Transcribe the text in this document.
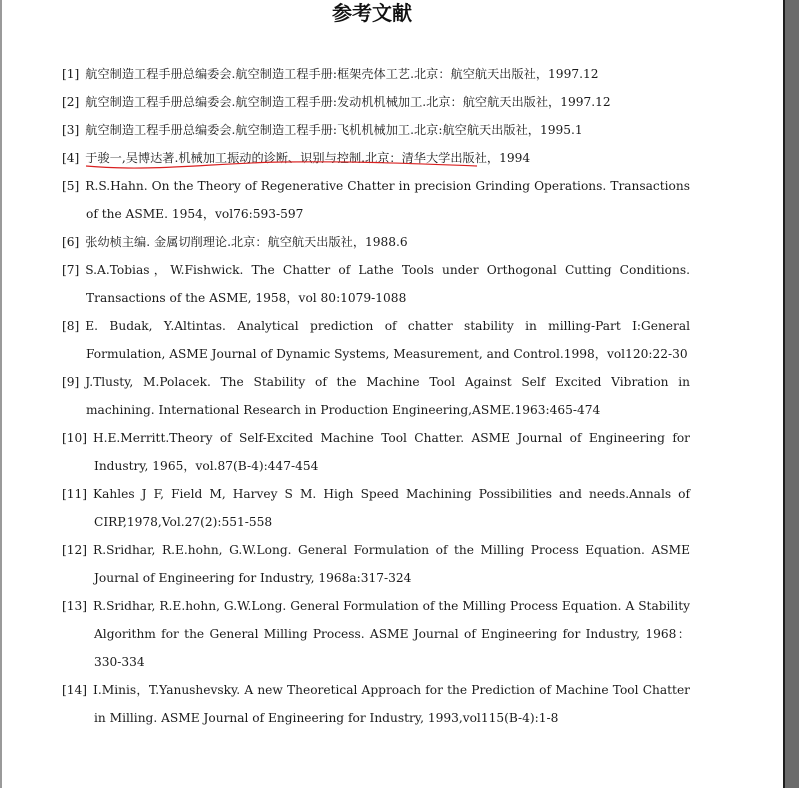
参考文献
[1] 航空制造工程手册总编委会.航空制造工程手册:框架壳体工艺.北京：航空航天出版社，1997.12
[2] 航空制造工程手册总编委会.航空制造工程手册:发动机机械加工.北京：航空航天出版社，1997.12
[3] 航空制造工程手册总编委会.航空制造工程手册:飞机机械加工.北京:航空航天出版社，1995.1
[4] 于骏一,吴博达著.机械加工振动的诊断、识别与控制.北京：清华大学出版社，1994
[5] R.S.Hahn. On the Theory of Regenerative Chatter in precision Grinding Operations. Transactions of the ASME. 1954，vol76:593-597
[6] 张幼桢主编. 金属切削理论.北京：航空航天出版社，1988.6
[7] S.A.Tobias，W.Fishwick. The Chatter of Lathe Tools under Orthogonal Cutting Conditions. Transactions of the ASME, 1958，vol 80:1079-1088
[8] E. Budak, Y.Altintas. Analytical prediction of chatter stability in milling-Part I:General Formulation, ASME Journal of Dynamic Systems, Measurement, and Control.1998，vol120:22-30
[9] J.Tlusty, M.Polacek. The Stability of the Machine Tool Against Self Excited Vibration in machining. International Research in Production Engineering,ASME.1963:465-474
[10] H.E.Merritt.Theory of Self-Excited Machine Tool Chatter. ASME Journal of Engineering for Industry, 1965，vol.87(B-4):447-454
[11] Kahles J F, Field M, Harvey S M. High Speed Machining Possibilities and needs.Annals of CIRP,1978,Vol.27(2):551-558
[12] R.Sridhar, R.E.hohn, G.W.Long. General Formulation of the Milling Process Equation. ASME Journal of Engineering for Industry, 1968a:317-324
[13] R.Sridhar, R.E.hohn, G.W.Long. General Formulation of the Milling Process Equation. A Stability Algorithm for the General Milling Process. ASME Journal of Engineering for Industry, 1968：330-334
[14] I.Minis，T.Yanushevsky. A new Theoretical Approach for the Prediction of Machine Tool Chatter in Milling. ASME Journal of Engineering for Industry, 1993,vol115(B-4):1-8
